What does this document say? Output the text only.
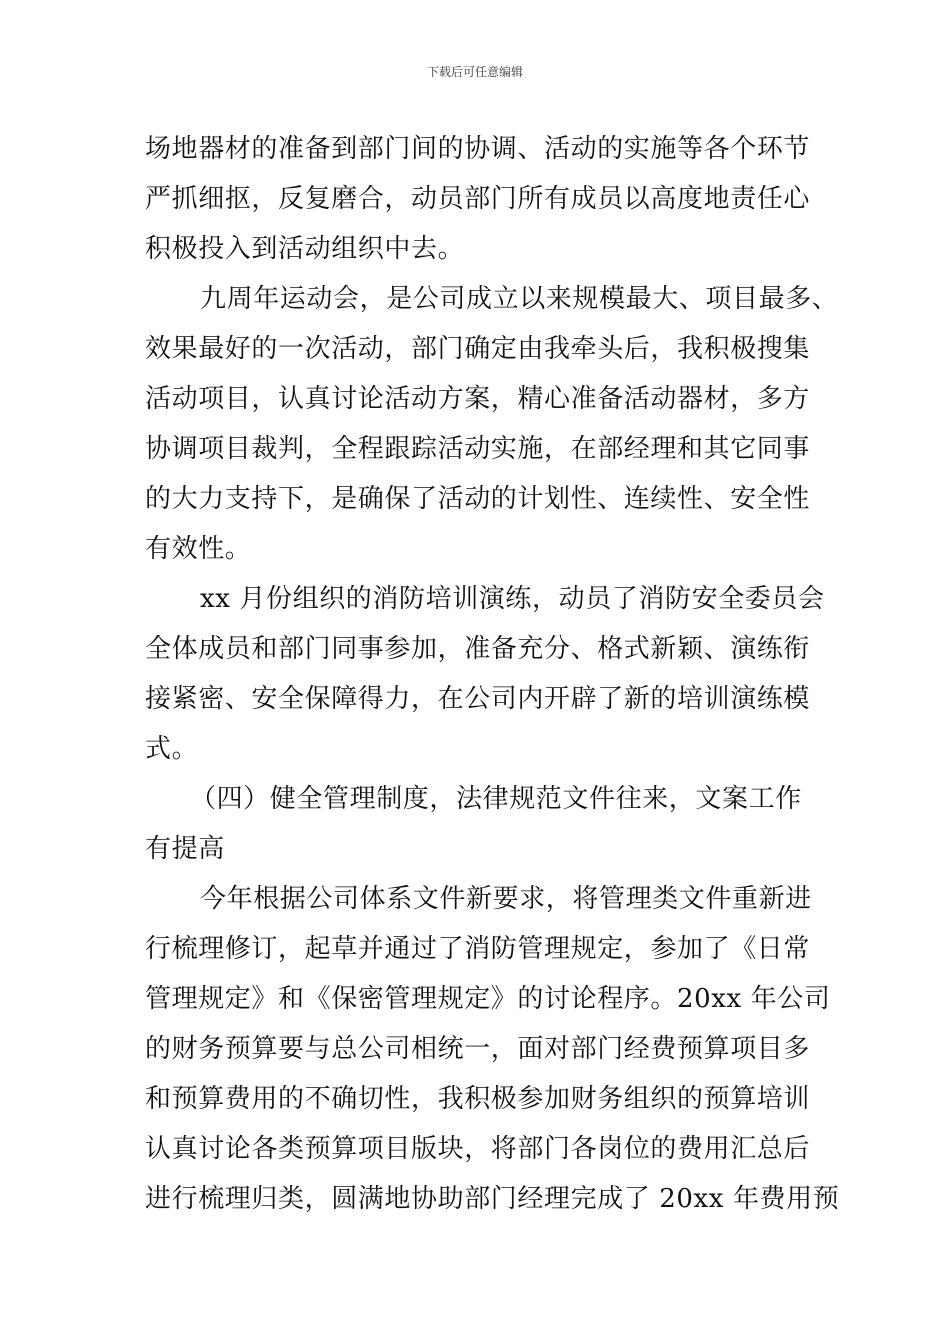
下载后可任意编辑
场地器材的准备到部门间的协调、活动的实施等各个环节
严抓细抠，反复磨合，动员部门所有成员以高度地责任心
积极投入到活动组织中去。
九周年运动会，是公司成立以来规模最大、项目最多、
效果最好的一次活动，部门确定由我牵头后，我积极搜集
活动项目，认真讨论活动方案，精心准备活动器材，多方
协调项目裁判，全程跟踪活动实施，在部经理和其它同事
的大力支持下，是确保了活动的计划性、连续性、安全性
有效性。
xx 月份组织的消防培训演练，动员了消防安全委员会
全体成员和部门同事参加，准备充分、格式新颖、演练衔
接紧密、安全保障得力，在公司内开辟了新的培训演练模
式。
（四）健全管理制度，法律规范文件往来，文案工作
有提高
今年根据公司体系文件新要求，将管理类文件重新进
行梳理修订，起草并通过了消防管理规定，参加了《日常
管理规定》和《保密管理规定》的讨论程序。20xx 年公司
的财务预算要与总公司相统一，面对部门经费预算项目多
和预算费用的不确切性，我积极参加财务组织的预算培训
认真讨论各类预算项目版块，将部门各岗位的费用汇总后
进行梳理归类，圆满地协助部门经理完成了 20xx 年费用预
